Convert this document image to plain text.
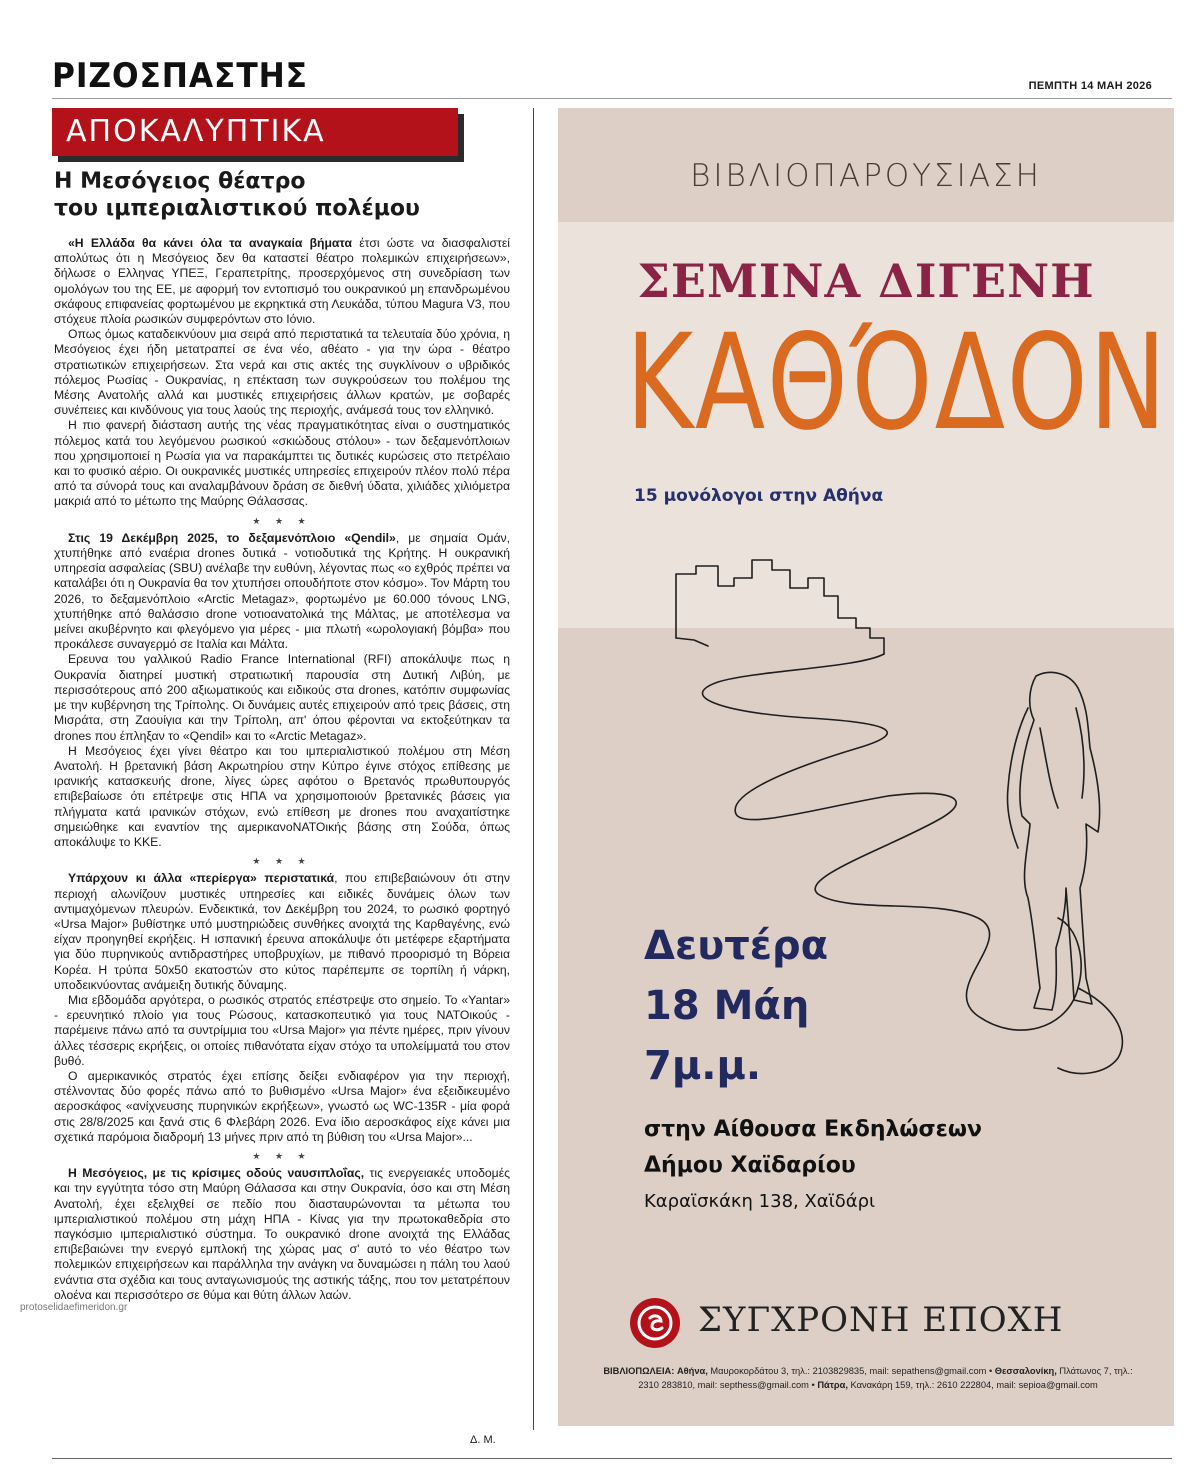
ΡΙΖΟΣΠΑΣΤΗΣ	ΠΕΜΠΤΗ 14 ΜΑΗ 2026
ΑΠΟΚΑΛΥΠΤΙΚΑ
Η Μεσόγειος θέατρο
του ιμπεριαλιστικού πολέμου

«Η Ελλάδα θα κάνει όλα τα αναγκαία βήματα έτσι ώστε να διασφαλιστεί απολύτως ότι η Μεσόγειος δεν θα καταστεί θέατρο πολεμικών επιχειρήσεων», δήλωσε ο Ελληνας ΥΠΕΞ, Γεραπετρίτης, προσερχόμενος στη συνεδρίαση των ομολόγων του της ΕΕ, με αφορμή τον εντοπισμό του ουκρανικού μη επανδρωμένου σκάφους επιφανείας φορτωμένου με εκρηκτικά στη Λευκάδα, τύπου Magura V3, που στόχευε πλοία ρωσικών συμφερόντων στο Ιόνιο.

Οπως όμως καταδεικνύουν μια σειρά από περιστατικά τα τελευταία δύο χρόνια, η Μεσόγειος έχει ήδη μετατραπεί σε ένα νέο, αθέατο - για την ώρα - θέατρο στρατιωτικών επιχειρήσεων. Στα νερά και στις ακτές της συγκλίνουν ο υβριδικός πόλεμος Ρωσίας - Ουκρανίας, η επέκταση των συγκρούσεων του πολέμου της Μέσης Ανατολής αλλά και μυστικές επιχειρήσεις άλλων κρατών, με σοβαρές συνέπειες και κινδύνους για τους λαούς της περιοχής, ανάμεσά τους τον ελληνικό.

Η πιο φανερή διάσταση αυτής της νέας πραγματικότητας είναι ο συστηματικός πόλεμος κατά του λεγόμενου ρωσικού «σκιώδους στόλου» - των δεξαμενόπλοιων που χρησιμοποιεί η Ρωσία για να παρακάμπτει τις δυτικές κυρώσεις στο πετρέλαιο και το φυσικό αέριο. Οι ουκρανικές μυστικές υπηρεσίες επιχειρούν πλέον πολύ πέρα από τα σύνορά τους και αναλαμβάνουν δράση σε διεθνή ύδατα, χιλιάδες χιλιόμετρα μακριά από το μέτωπο της Μαύρης Θάλασσας.

★ ★ ★

Στις 19 Δεκέμβρη 2025, το δεξαμενόπλοιο «Qendil», με σημαία Ομάν, χτυπήθηκε από εναέρια drones δυτικά - νοτιοδυτικά της Κρήτης. Η ουκρανική υπηρεσία ασφαλείας (SBU) ανέλαβε την ευθύνη, λέγοντας πως «ο εχθρός πρέπει να καταλάβει ότι η Ουκρανία θα τον χτυπήσει οπουδήποτε στον κόσμο». Τον Μάρτη του 2026, το δεξαμενόπλοιο «Arctic Metagaz», φορτωμένο με 60.000 τόνους LNG, χτυπήθηκε από θαλάσσιο drone νοτιοανατολικά της Μάλτας, με αποτέλεσμα να μείνει ακυβέρνητο και φλεγόμενο για μέρες - μια πλωτή «ωρολογιακή βόμβα» που προκάλεσε συναγερμό σε Ιταλία και Μάλτα.

Ερευνα του γαλλικού Radio France International (RFI) αποκάλυψε πως η Ουκρανία διατηρεί μυστική στρατιωτική παρουσία στη Δυτική Λιβύη, με περισσότερους από 200 αξιωματικούς και ειδικούς στα drones, κατόπιν συμφωνίας με την κυβέρνηση της Τρίπολης. Οι δυνάμεις αυτές επιχειρούν από τρεις βάσεις, στη Μισράτα, στη Ζαουίγια και την Τρίπολη, απ' όπου φέρονται να εκτοξεύτηκαν τα drones που έπληξαν το «Qendil» και το «Arctic Metagaz».

Η Μεσόγειος έχει γίνει θέατρο και του ιμπεριαλιστικού πολέμου στη Μέση Ανατολή. Η βρετανική βάση Ακρωτηρίου στην Κύπρο έγινε στόχος επίθεσης με ιρανικής κατασκευής drone, λίγες ώρες αφότου ο Βρετανός πρωθυπουργός επιβεβαίωσε ότι επέτρεψε στις ΗΠΑ να χρησιμοποιούν βρετανικές βάσεις για πλήγματα κατά ιρανικών στόχων, ενώ επίθεση με drones που αναχαιτίστηκε σημειώθηκε και εναντίον της αμερικανοΝΑΤΟικής βάσης στη Σούδα, όπως αποκάλυψε το ΚΚΕ.

★ ★ ★

Υπάρχουν κι άλλα «περίεργα» περιστατικά, που επιβεβαιώνουν ότι στην περιοχή αλωνίζουν μυστικές υπηρεσίες και ειδικές δυνάμεις όλων των αντιμαχόμενων πλευρών. Ενδεικτικά, τον Δεκέμβρη του 2024, το ρωσικό φορτηγό «Ursa Major» βυθίστηκε υπό μυστηριώδεις συνθήκες ανοιχτά της Καρθαγένης, ενώ είχαν προηγηθεί εκρήξεις. Η ισπανική έρευνα αποκάλυψε ότι μετέφερε εξαρτήματα για δύο πυρηνικούς αντιδραστήρες υποβρυχίων, με πιθανό προορισμό τη Βόρεια Κορέα. Η τρύπα 50x50 εκατοστών στο κύτος παρέπεμπε σε τορπίλη ή νάρκη, υποδεικνύοντας ανάμειξη δυτικής δύναμης.

Μια εβδομάδα αργότερα, ο ρωσικός στρατός επέστρεψε στο σημείο. Το «Yantar» - ερευνητικό πλοίο για τους Ρώσους, κατασκοπευτικό για τους ΝΑΤΟικούς - παρέμεινε πάνω από τα συντρίμμια του «Ursa Major» για πέντε ημέρες, πριν γίνουν άλλες τέσσερις εκρήξεις, οι οποίες πιθανότατα είχαν στόχο τα υπολείμματά του στον βυθό.

Ο αμερικανικός στρατός έχει επίσης δείξει ενδιαφέρον για την περιοχή, στέλνοντας δύο φορές πάνω από το βυθισμένο «Ursa Major» ένα εξειδικευμένο αεροσκάφος «ανίχνευσης πυρηνικών εκρήξεων», γνωστό ως WC-135R - μία φορά στις 28/8/2025 και ξανά στις 6 Φλεβάρη 2026. Ενα ίδιο αεροσκάφος είχε κάνει μια σχετικά παρόμοια διαδρομή 13 μήνες πριν από τη βύθιση του «Ursa Major»...

★ ★ ★

Η Μεσόγειος, με τις κρίσιμες οδούς ναυσιπλοΐας, τις ενεργειακές υποδομές και την εγγύτητα τόσο στη Μαύρη Θάλασσα και στην Ουκρανία, όσο και στη Μέση Ανατολή, έχει εξελιχθεί σε πεδίο που διασταυρώνονται τα μέτωπα του ιμπεριαλιστικού πολέμου στη μάχη ΗΠΑ - Κίνας για την πρωτοκαθεδρία στο παγκόσμιο ιμπεριαλιστικό σύστημα. Το ουκρανικό drone ανοιχτά της Ελλάδας επιβεβαιώνει την ενεργό εμπλοκή της χώρας μας σ' αυτό το νέο θέατρο των πολεμικών επιχειρήσεων και παράλληλα την ανάγκη να δυναμώσει η πάλη του λαού ενάντια στα σχέδια και τους ανταγωνισμούς της αστικής τάξης, που τον μετατρέπουν ολοένα και περισσότερο σε θύμα και θύτη άλλων λαών.

Δ. Μ.
ΒΙΒΛΙΟΠΑΡΟΥΣΙΑΣΗ
ΣΕΜΙΝΑ ΔΙΓΕΝΗ
ΚΑΘΌΔΟΝ
15 μονόλογοι στην Αθήνα
Δευτέρα
18 Μάη
7μ.μ.
στην Αίθουσα Εκδηλώσεων
Δήμου Χαϊδαρίου
Καραϊσκάκη 138, Χαϊδάρι
ΣΥΓΧΡΟΝΗ ΕΠΟΧΗ
ΒΙΒΛΙΟΠΩΛΕΙΑ: Αθήνα, Μαυροκορδάτου 3, τηλ.: 2103829835, mail: sepathens@gmail.com • Θεσσαλονίκη, Πλάτωνος 7, τηλ.: 2310 283810, mail: septhess@gmail.com • Πάτρα, Κανακάρη 159, τηλ.: 2610 222804, mail: sepioa@gmail.com
protoselidaefimeridon.gr
